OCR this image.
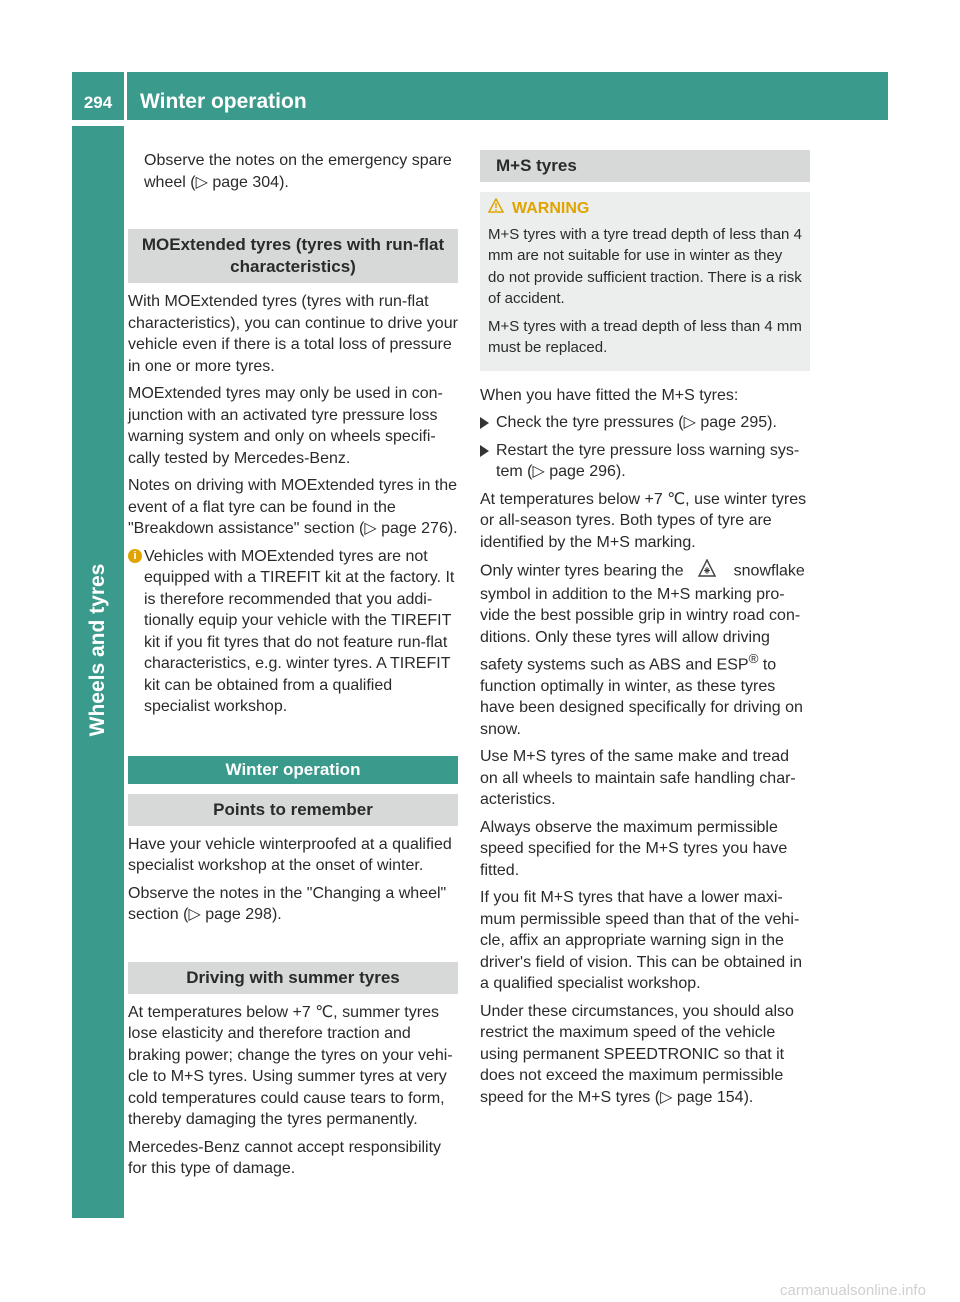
294	Winter operation
Wheels and tyres

Observe the notes on the emergency spare wheel (▷ page 304).

MOExtended tyres (tyres with run-flat characteristics)

With MOExtended tyres (tyres with run-flat characteristics), you can continue to drive your vehicle even if there is a total loss of pressure in one or more tyres.

MOExtended tyres may only be used in con-junction with an activated tyre pressure loss warning system and only on wheels specifi-cally tested by Mercedes-Benz.

Notes on driving with MOExtended tyres in the event of a flat tyre can be found in the "Breakdown assistance" section (▷ page 276).

i Vehicles with MOExtended tyres are not equipped with a TIREFIT kit at the factory. It is therefore recommended that you addi-tionally equip your vehicle with the TIREFIT kit if you fit tyres that do not feature run-flat characteristics, e.g. winter tyres. A TIREFIT kit can be obtained from a qualified specialist workshop.
Winter operation
Points to remember

Have your vehicle winterproofed at a qualified specialist workshop at the onset of winter.

Observe the notes in the "Changing a wheel" section (▷ page 298).

Driving with summer tyres

At temperatures below +7 ℃, summer tyres lose elasticity and therefore traction and braking power; change the tyres on your vehi-cle to M+S tyres. Using summer tyres at very cold temperatures could cause tears to form, thereby damaging the tyres permanently.

Mercedes-Benz cannot accept responsibility for this type of damage.

M+S tyres
WARNING

M+S tyres with a tyre tread depth of less than 4 mm are not suitable for use in winter as they do not provide sufficient traction. There is a risk of accident.

M+S tyres with a tread depth of less than 4 mm must be replaced.

When you have fitted the M+S tyres:

Check the tyre pressures (▷ page 295).
Restart the tyre pressure loss warning sys-tem (▷ page 296).

At temperatures below +7 ℃, use winter tyres or all-season tyres. Both types of tyre are identified by the M+S marking.

Only winter tyres bearing the	snowflake symbol in addition to the M+S marking pro-vide the best possible grip in wintry road con-ditions. Only these tyres will allow driving safety systems such as ABS and ESP® to function optimally in winter, as these tyres have been designed specifically for driving on snow.

Use M+S tyres of the same make and tread on all wheels to maintain safe handling char-acteristics.

Always observe the maximum permissible speed specified for the M+S tyres you have fitted.

If you fit M+S tyres that have a lower maxi-mum permissible speed than that of the vehi-cle, affix an appropriate warning sign in the driver's field of vision. This can be obtained in a qualified specialist workshop.

Under these circumstances, you should also restrict the maximum speed of the vehicle using permanent SPEEDTRONIC so that it does not exceed the maximum permissible speed for the M+S tyres (▷ page 154).

carmanualsonline.info
